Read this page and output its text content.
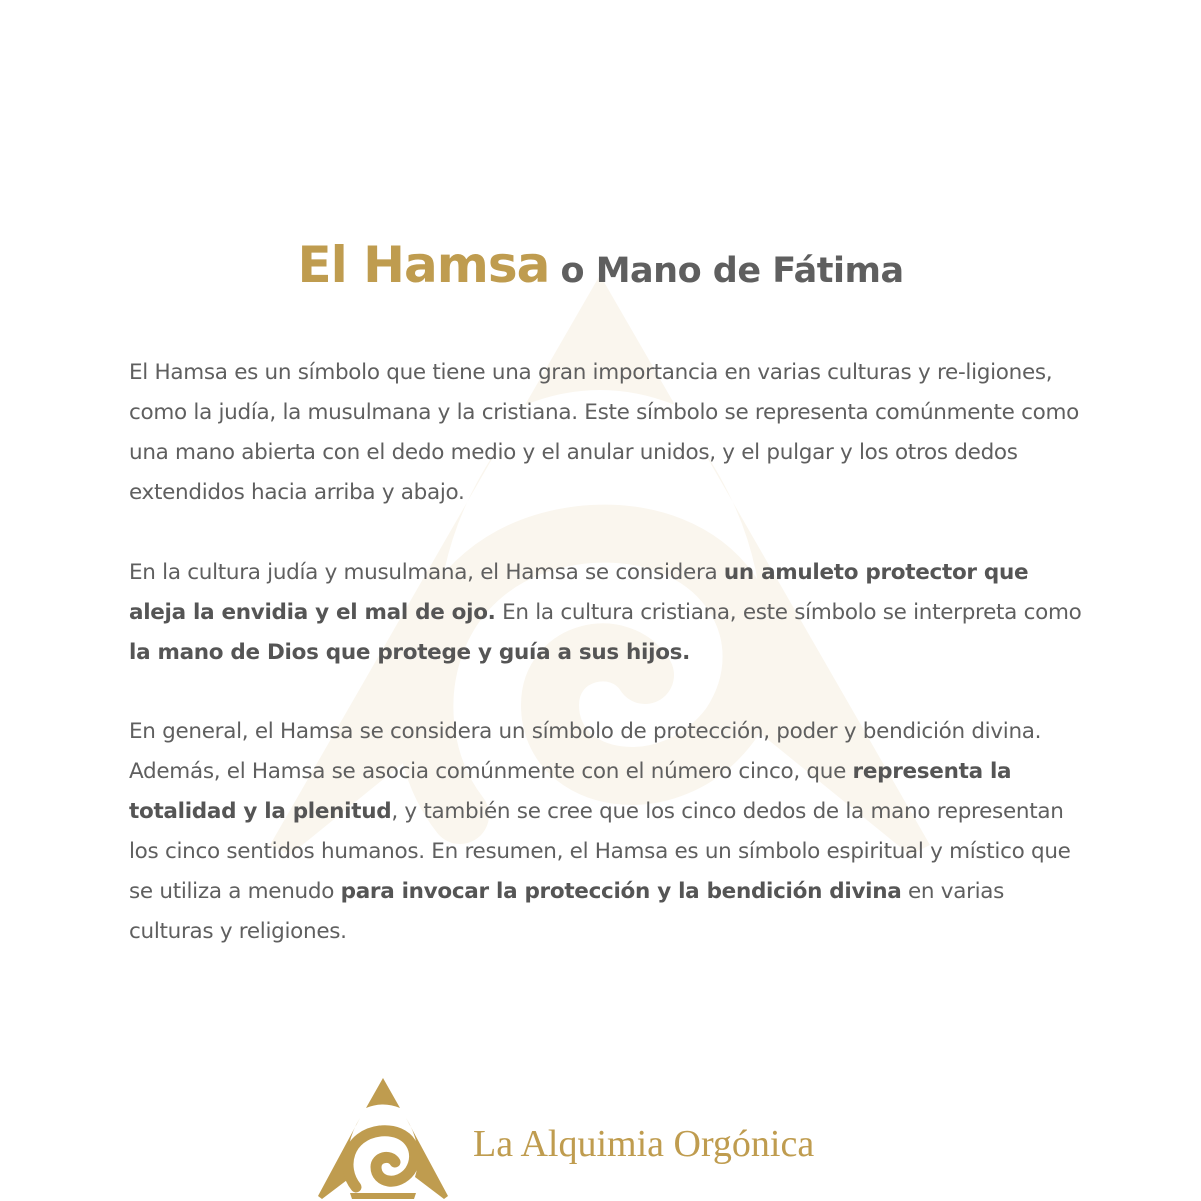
El Hamsa o Mano de Fátima

El Hamsa es un símbolo que tiene una gran importancia en varias culturas y re-ligiones, como la judía, la musulmana y la cristiana. Este símbolo se representa comúnmente como una mano abierta con el dedo medio y el anular unidos, y el pulgar y los otros dedos extendidos hacia arriba y abajo.

En la cultura judía y musulmana, el Hamsa se considera un amuleto protector que aleja la envidia y el mal de ojo. En la cultura cristiana, este símbolo se interpreta como la mano de Dios que protege y guía a sus hijos.

En general, el Hamsa se considera un símbolo de protección, poder y bendición divina. Además, el Hamsa se asocia comúnmente con el número cinco, que representa la totalidad y la plenitud, y también se cree que los cinco dedos de la mano representan los cinco sentidos humanos. En resumen, el Hamsa es un símbolo espiritual y místico que se utiliza a menudo para invocar la protección y la bendición divina en varias culturas y religiones.

La Alquimia Orgónica
